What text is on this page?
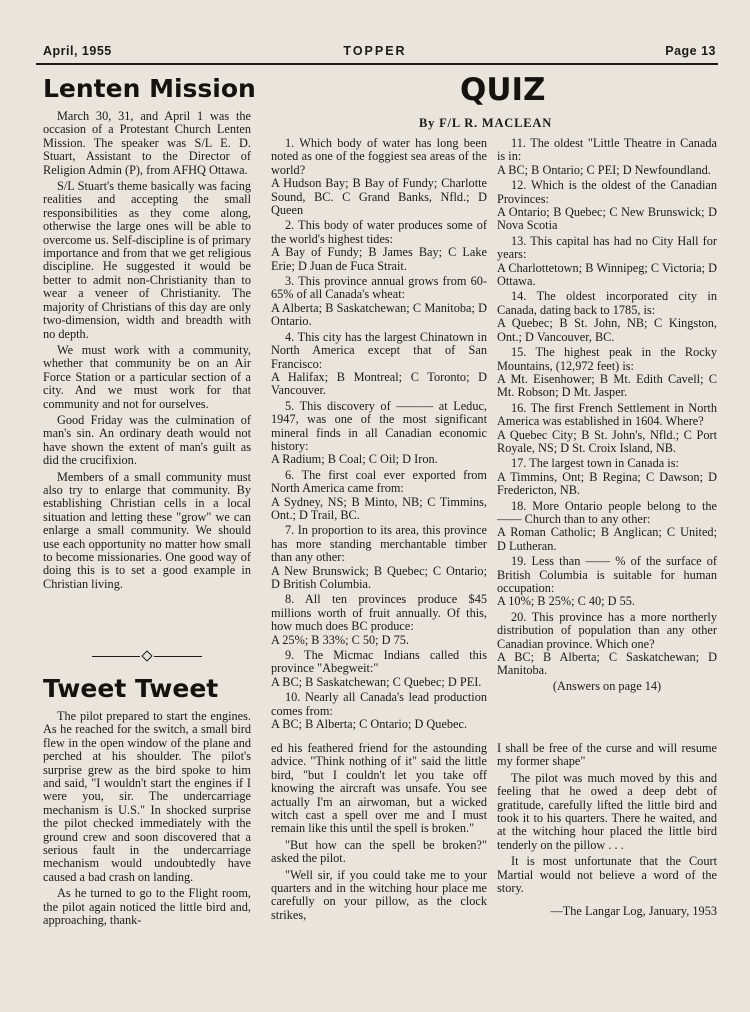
April, 1955	TOPPER	Page 13
Lenten Mission

March 30, 31, and April 1 was the occasion of a Protestant Church Lenten Mission. The speaker was S/L E. D. Stuart, Assistant to the Director of Religion Admin (P), from AFHQ Ottawa.

S/L Stuart's theme basically was facing realities and accepting the small responsibilities as they come along, otherwise the large ones will be able to overcome us. Self-discipline is of primary importance and from that we get religious discipline. He suggested it would be better to admit non-Christianity than to wear a veneer of Christianity. The majority of Christians of this day are only two-dimension, width and breadth with no depth.

We must work with a community, whether that community be on an Air Force Station or a particular section of a city. And we must work for that community and not for ourselves.

Good Friday was the culmination of man's sin. An ordinary death would not have shown the extent of man's guilt as did the crucifixion.

Members of a small community must also try to enlarge that community. By establishing Christian cells in a local situation and letting these "grow" we can enlarge a small community. We should use each opportunity no matter how small to become missionaries. One good way of doing this is to set a good example in Christian living.

QUIZ
By F/L R. MACLEAN
1. Which body of water has long been noted as one of the foggiest sea areas of the world?
A Hudson Bay; B Bay of Fundy; Charlotte Sound, BC. C Grand Banks, Nfld.; D Queen
2. This body of water produces some of the world's highest tides:
A Bay of Fundy; B James Bay; C Lake Erie; D Juan de Fuca Strait.
3. This province annual grows from 60-65% of all Canada's wheat:
A Alberta; B Saskatchewan; C Manitoba; D Ontario.
4. This city has the largest Chinatown in North America except that of San Francisco:
A Halifax; B Montreal; C Toronto; D Vancouver.
5. This discovery of ——— at Leduc, 1947, was one of the most significant mineral finds in all Canadian economic history:
A Radium; B Coal; C Oil; D Iron.
6. The first coal ever exported from North America came from:
A Sydney, NS; B Minto, NB; C Timmins, Ont.; D Trail, BC.
7. In proportion to its area, this province has more standing merchantable timber than any other:
A New Brunswick; B Quebec; C Ontario; D British Columbia.
8. All ten provinces produce $45 millions worth of fruit annually. Of this, how much does BC produce:
A 25%; B 33%; C 50; D 75.
9. The Micmac Indians called this province "Abegweit:"
A BC; B Saskatchewan; C Quebec; D PEI.
10. Nearly all Canada's lead production comes from:
A BC; B Alberta; C Ontario; D Quebec.
11. The oldest "Little Theatre in Canada is in:
A BC; B Ontario; C PEI; D Newfoundland.
12. Which is the oldest of the Canadian Provinces:
A Ontario; B Quebec; C New Brunswick; D Nova Scotia
13. This capital has had no City Hall for years:
A Charlottetown; B Winnipeg; C Victoria; D Ottawa.
14. The oldest incorporated city in Canada, dating back to 1785, is:
A Quebec; B St. John, NB; C Kingston, Ont.; D Vancouver, BC.
15. The highest peak in the Rocky Mountains, (12,972 feet) is:
A Mt. Eisenhower; B Mt. Edith Cavell; C Mt. Robson; D Mt. Jasper.
16. The first French Settlement in North America was established in 1604. Where?
A Quebec City; B St. John's, Nfld.; C Port Royale, NS; D St. Croix Island, NB.
17. The largest town in Canada is:
A Timmins, Ont; B Regina; C Dawson; D Fredericton, NB.
18. More Ontario people belong to the —— Church than to any other:
A Roman Catholic; B Anglican; C United; D Lutheran.
19. Less than —— % of the surface of British Columbia is suitable for human occupation:
A 10%; B 25%; C 40; D 55.
20. This province has a more northerly distribution of population than any other Canadian province. Which one?
A BC; B Alberta; C Saskatchewan; D Manitoba.
(Answers on page 14)
Tweet Tweet

The pilot prepared to start the engines. As he reached for the switch, a small bird flew in the open window of the plane and perched at his shoulder. The pilot's surprise grew as the bird spoke to him and said, "I wouldn't start the engines if I were you, sir. The undercarriage mechanism is U.S." In shocked surprise the pilot checked immediately with the ground crew and soon discovered that a serious fault in the undercarriage mechanism would undoubtedly have caused a bad crash on landing.

As he turned to go to the Flight room, the pilot again noticed the little bird and, approaching, thank-

ed his feathered friend for the astounding advice. "Think nothing of it" said the little bird, "but I couldn't let you take off knowing the aircraft was unsafe. You see actually I'm an airwoman, but a wicked witch cast a spell over me and I must remain like this until the spell is broken."

"But how can the spell be broken?" asked the pilot.

"Well sir, if you could take me to your quarters and in the witching hour place me carefully on your pillow, as the clock strikes,

I shall be free of the curse and will resume my former shape"

The pilot was much moved by this and feeling that he owed a deep debt of gratitude, carefully lifted the little bird and took it to his quarters. There he waited, and at the witching hour placed the little bird tenderly on the pillow . . .

It is most unfortunate that the Court Martial would not believe a word of the story.

—The Langar Log, January, 1953
